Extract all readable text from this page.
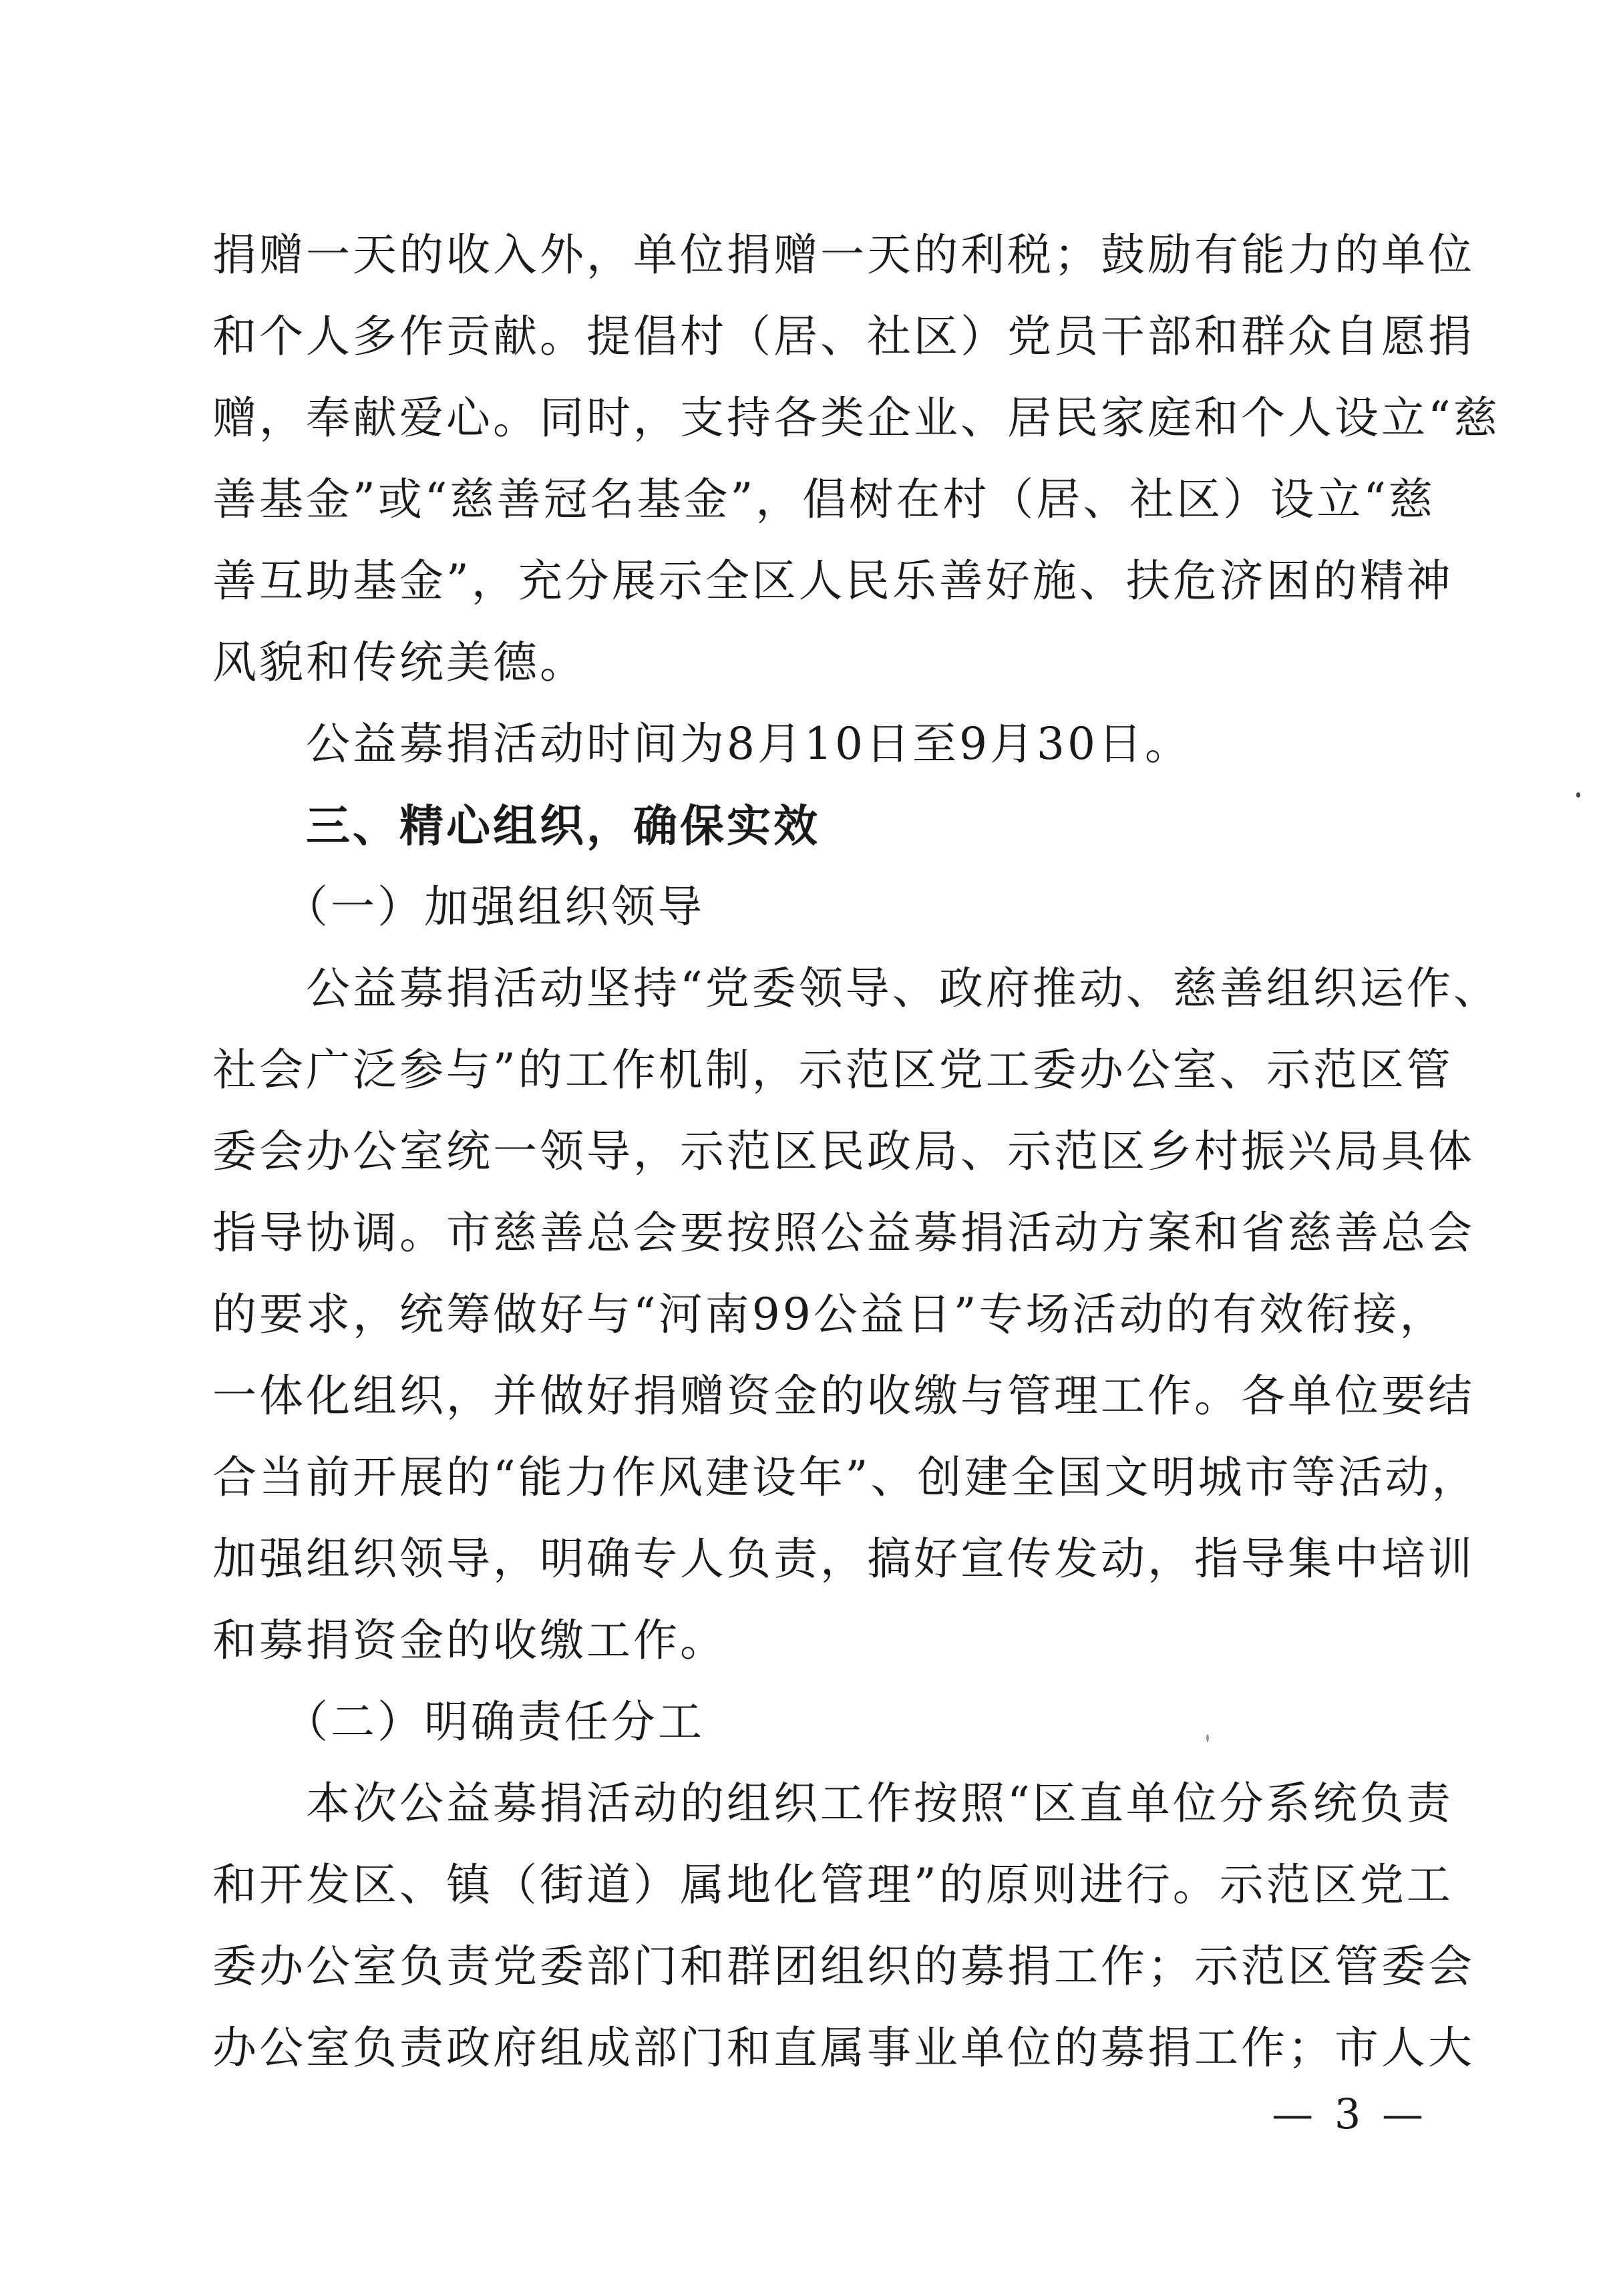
捐赠一天的收入外，单位捐赠一天的利税；鼓励有能力的单位
和个人多作贡献。提倡村（居、社区）党员干部和群众自愿捐
赠，奉献爱心。同时，支持各类企业、居民家庭和个人设立“慈
善基金”或“慈善冠名基金”，倡树在村（居、社区）设立“慈
善互助基金”，充分展示全区人民乐善好施、扶危济困的精神
风貌和传统美德。
　　公益募捐活动时间为8月10日至9月30日。
　　三、精心组织，确保实效
　　（一）加强组织领导
　　公益募捐活动坚持“党委领导、政府推动、慈善组织运作、
社会广泛参与”的工作机制，示范区党工委办公室、示范区管
委会办公室统一领导，示范区民政局、示范区乡村振兴局具体
指导协调。市慈善总会要按照公益募捐活动方案和省慈善总会
的要求，统筹做好与“河南99公益日”专场活动的有效衔接，
一体化组织，并做好捐赠资金的收缴与管理工作。各单位要结
合当前开展的“能力作风建设年”、创建全国文明城市等活动，
加强组织领导，明确专人负责，搞好宣传发动，指导集中培训
和募捐资金的收缴工作。
　　（二）明确责任分工
　　本次公益募捐活动的组织工作按照“区直单位分系统负责
和开发区、镇（街道）属地化管理”的原则进行。示范区党工
委办公室负责党委部门和群团组织的募捐工作；示范区管委会
办公室负责政府组成部门和直属事业单位的募捐工作；市人大
— 3 —
